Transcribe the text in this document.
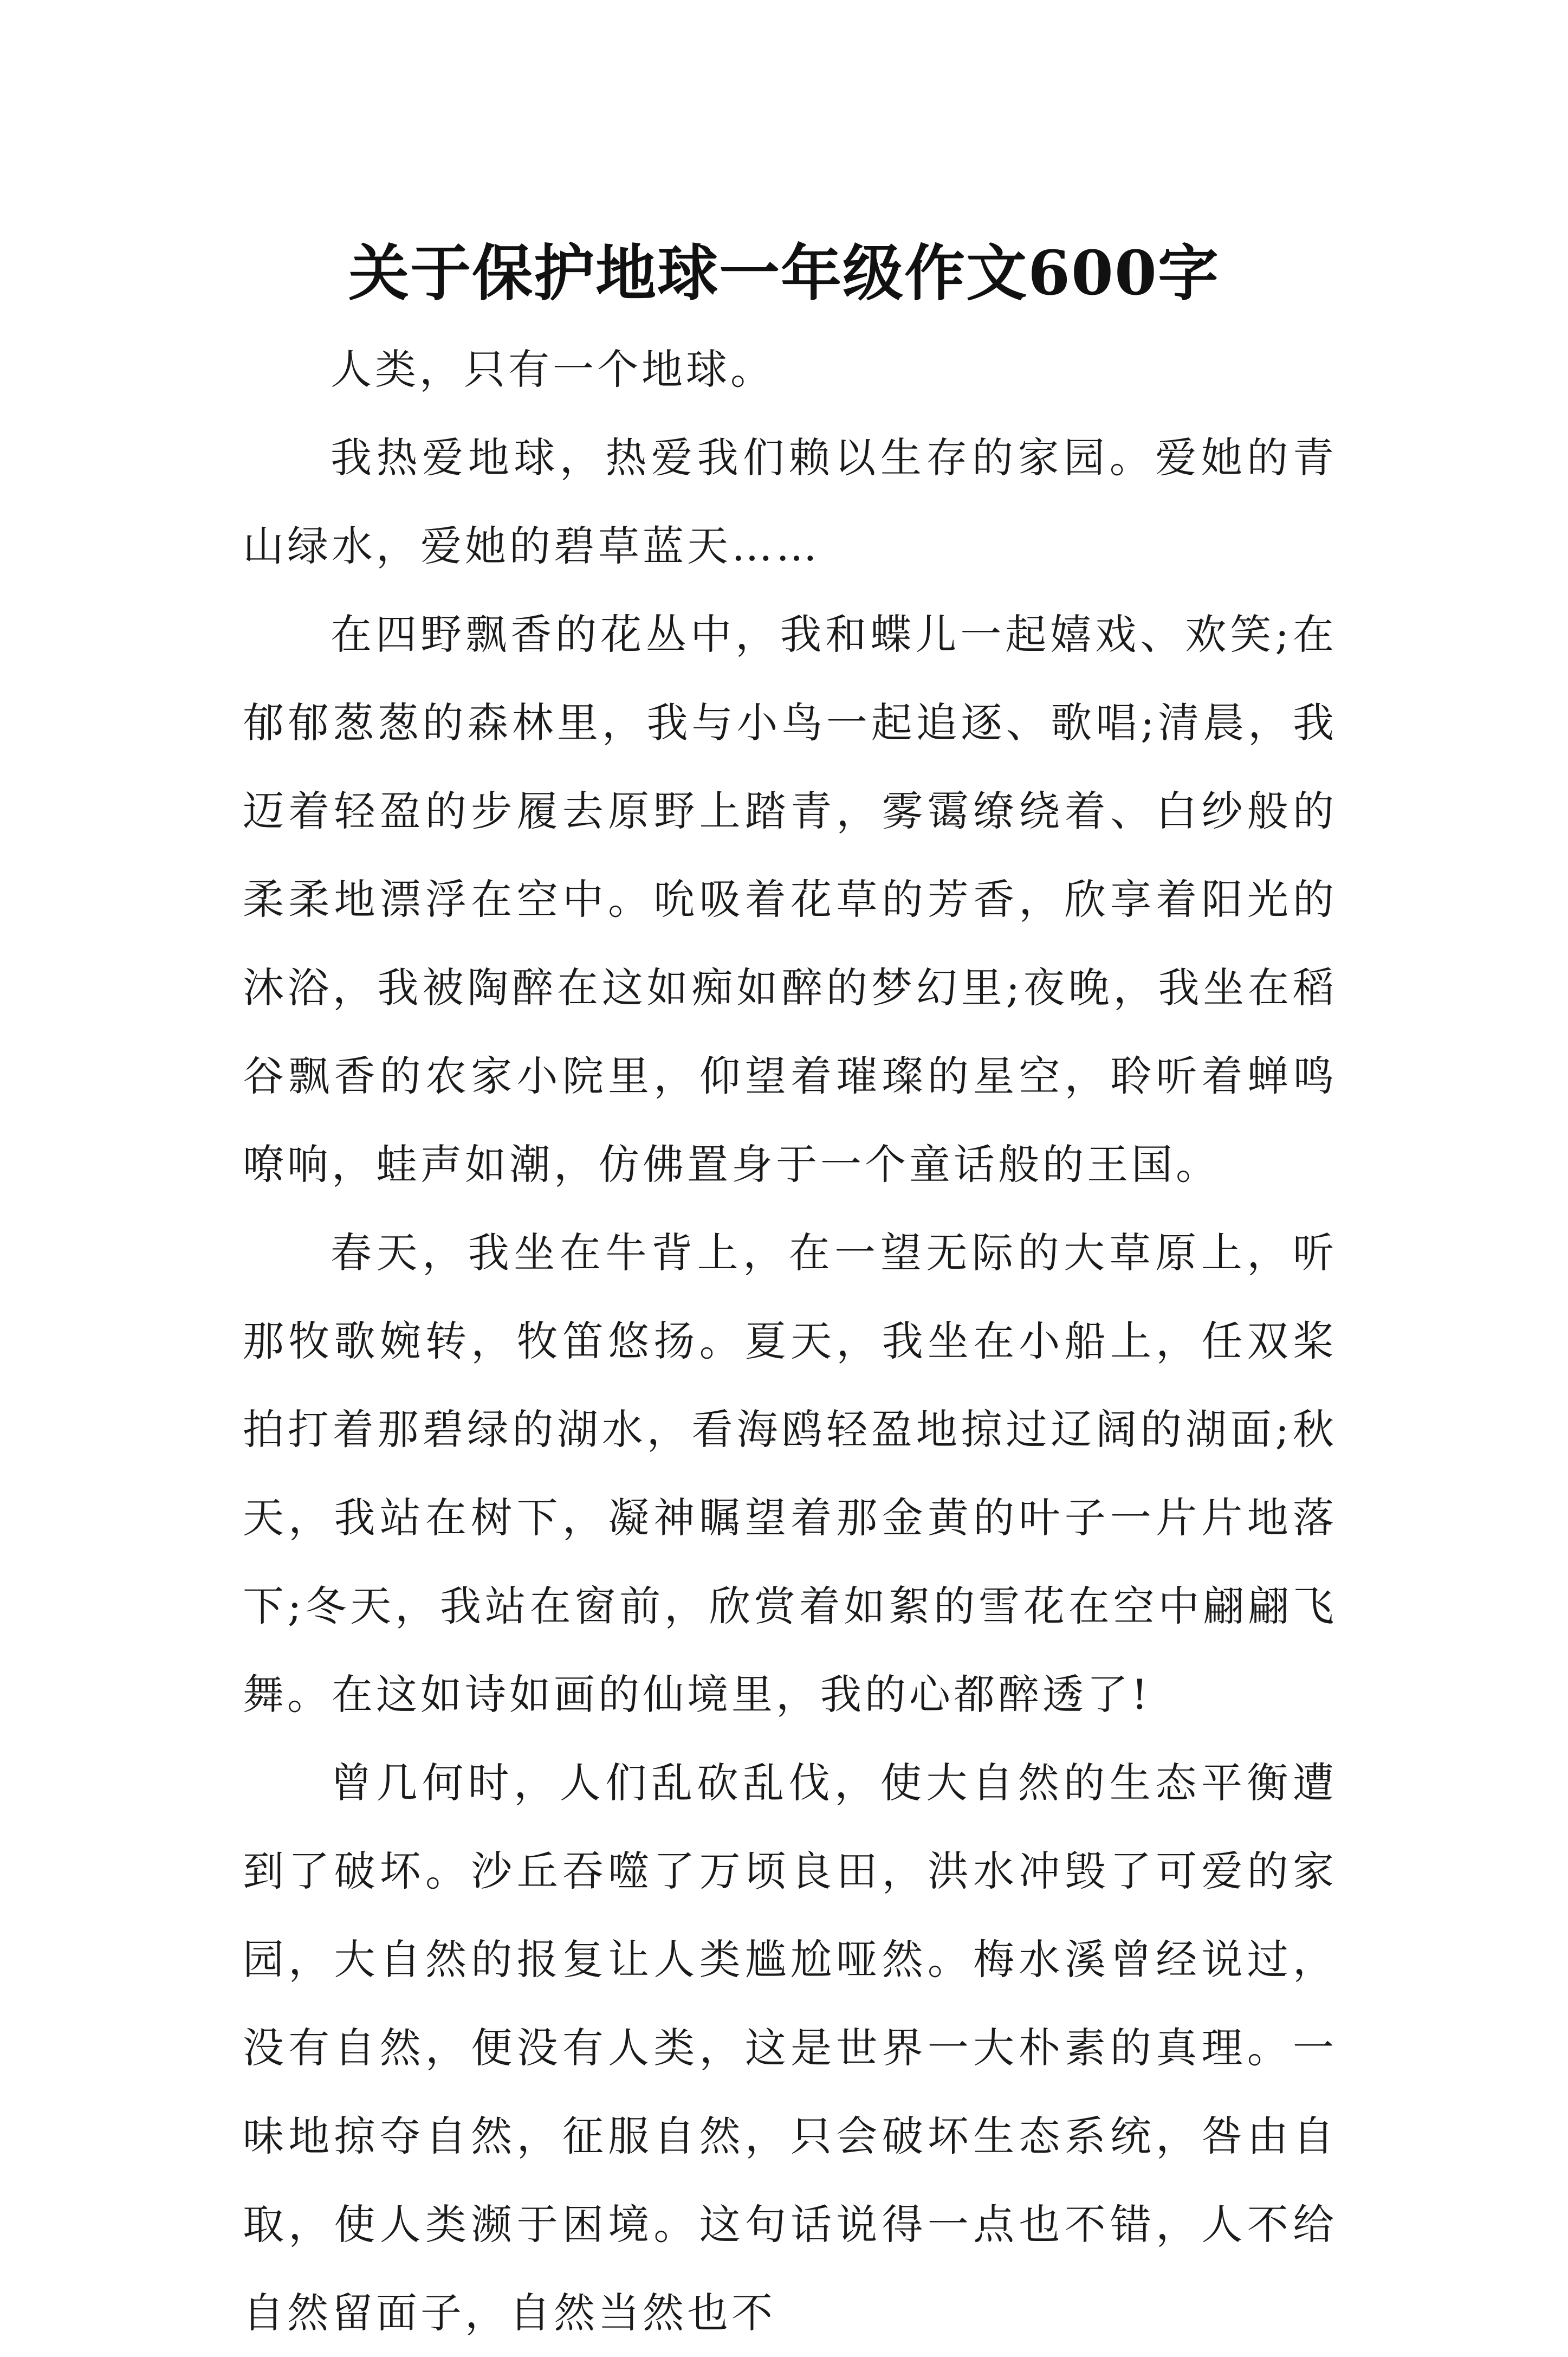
关于保护地球一年级作文600字

人类，只有一个地球。

我热爱地球，热爱我们赖以生存的家园。爱她的青山绿水，爱她的碧草蓝天……

在四野飘香的花丛中，我和蝶儿一起嬉戏、欢笑;在郁郁葱葱的森林里，我与小鸟一起追逐、歌唱;清晨，我迈着轻盈的步履去原野上踏青，雾霭缭绕着、白纱般的柔柔地漂浮在空中。吮吸着花草的芳香，欣享着阳光的沐浴，我被陶醉在这如痴如醉的梦幻里;夜晚，我坐在稻谷飘香的农家小院里，仰望着璀璨的星空，聆听着蝉鸣嘹响，蛙声如潮，仿佛置身于一个童话般的王国。

春天，我坐在牛背上，在一望无际的大草原上，听那牧歌婉转，牧笛悠扬。夏天，我坐在小船上，任双桨拍打着那碧绿的湖水，看海鸥轻盈地掠过辽阔的湖面;秋天，我站在树下，凝神瞩望着那金黄的叶子一片片地落下;冬天，我站在窗前，欣赏着如絮的雪花在空中翩翩飞舞。在这如诗如画的仙境里，我的心都醉透了!

曾几何时，人们乱砍乱伐，使大自然的生态平衡遭到了破坏。沙丘吞噬了万顷良田，洪水冲毁了可爱的家园，大自然的报复让人类尴尬哑然。梅水溪曾经说过，没有自然，便没有人类，这是世界一大朴素的真理。一味地掠夺自然，征服自然，只会破坏生态系统，咎由自取，使人类濒于困境。这句话说得一点也不错，人不给自然留面子，自然当然也不
